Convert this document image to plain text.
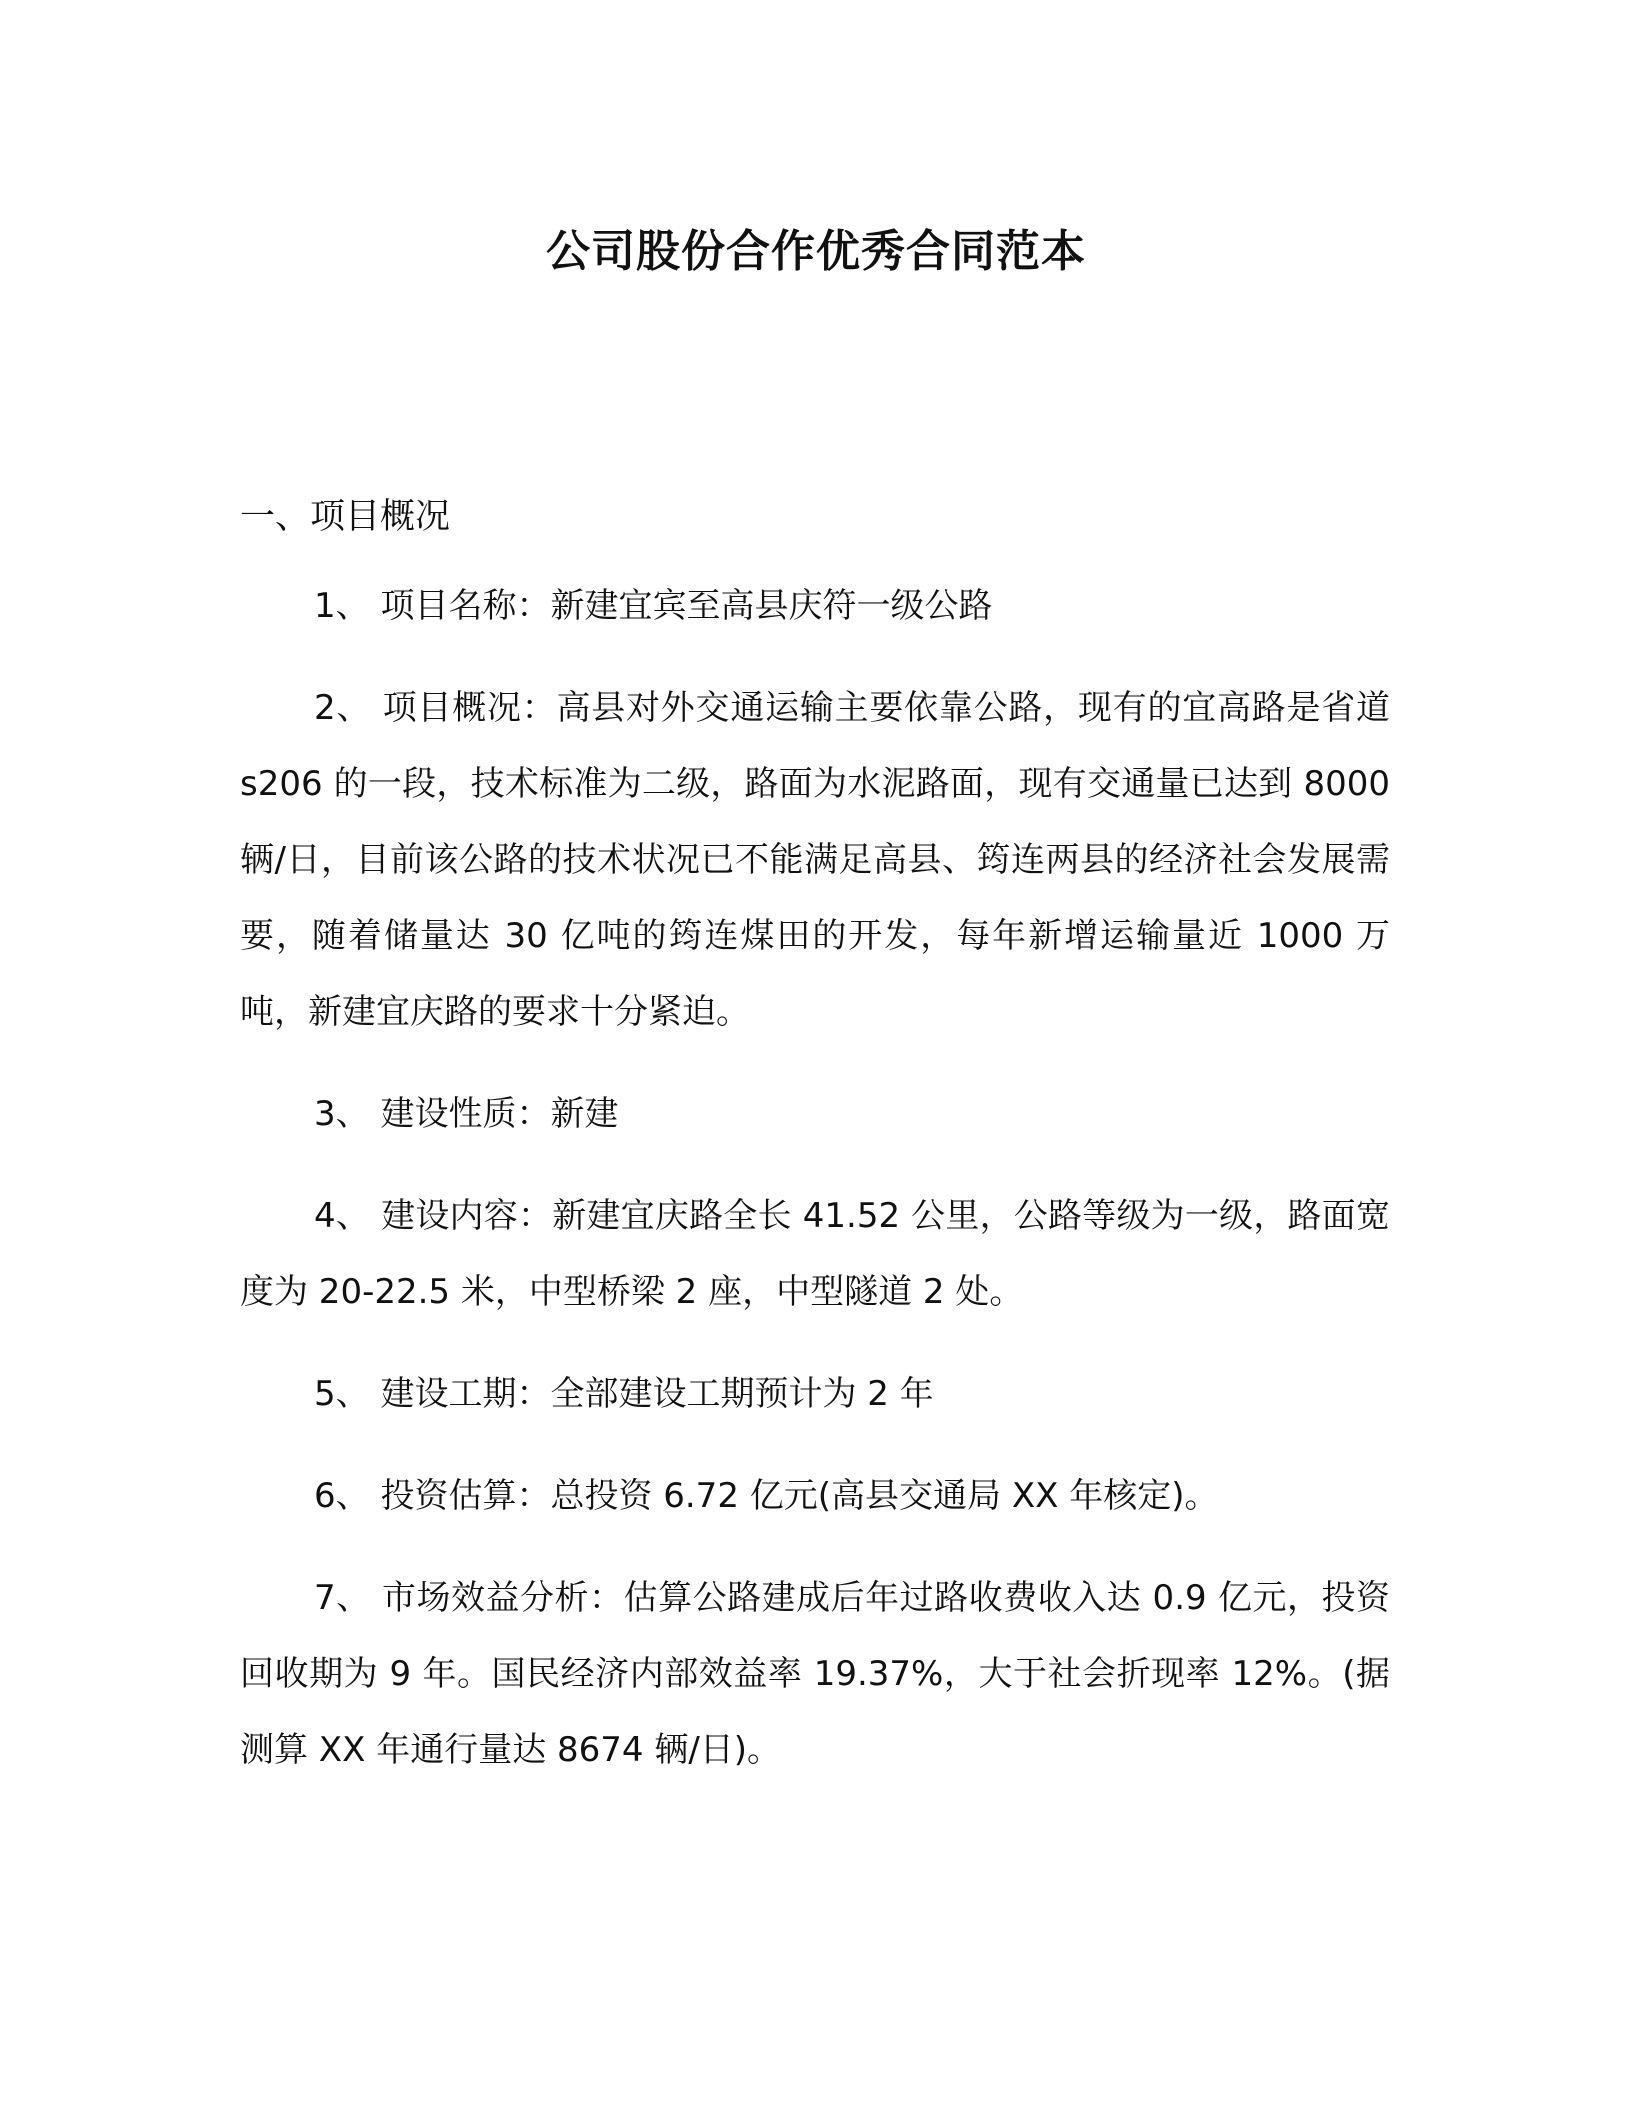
公司股份合作优秀合同范本
一、项目概况

1、 项目名称：新建宜宾至高县庆符一级公路

2、 项目概况：高县对外交通运输主要依靠公路，现有的宜高路是省道 s206 的一段，技术标准为二级，路面为水泥路面，现有交通量已达到 8000 辆/日，目前该公路的技术状况已不能满足高县、筠连两县的经济社会发展需要，随着储量达 30 亿吨的筠连煤田的开发，每年新增运输量近 1000 万吨，新建宜庆路的要求十分紧迫。

3、 建设性质：新建

4、 建设内容：新建宜庆路全长 41.52 公里，公路等级为一级，路面宽度为 20-22.5 米，中型桥梁 2 座，中型隧道 2 处。

5、 建设工期：全部建设工期预计为 2 年

6、 投资估算：总投资 6.72 亿元(高县交通局 XX 年核定)。

7、 市场效益分析：估算公路建成后年过路收费收入达 0.9 亿元，投资回收期为 9 年。国民经济内部效益率 19.37%，大于社会折现率 12%。(据测算 XX 年通行量达 8674 辆/日)。
